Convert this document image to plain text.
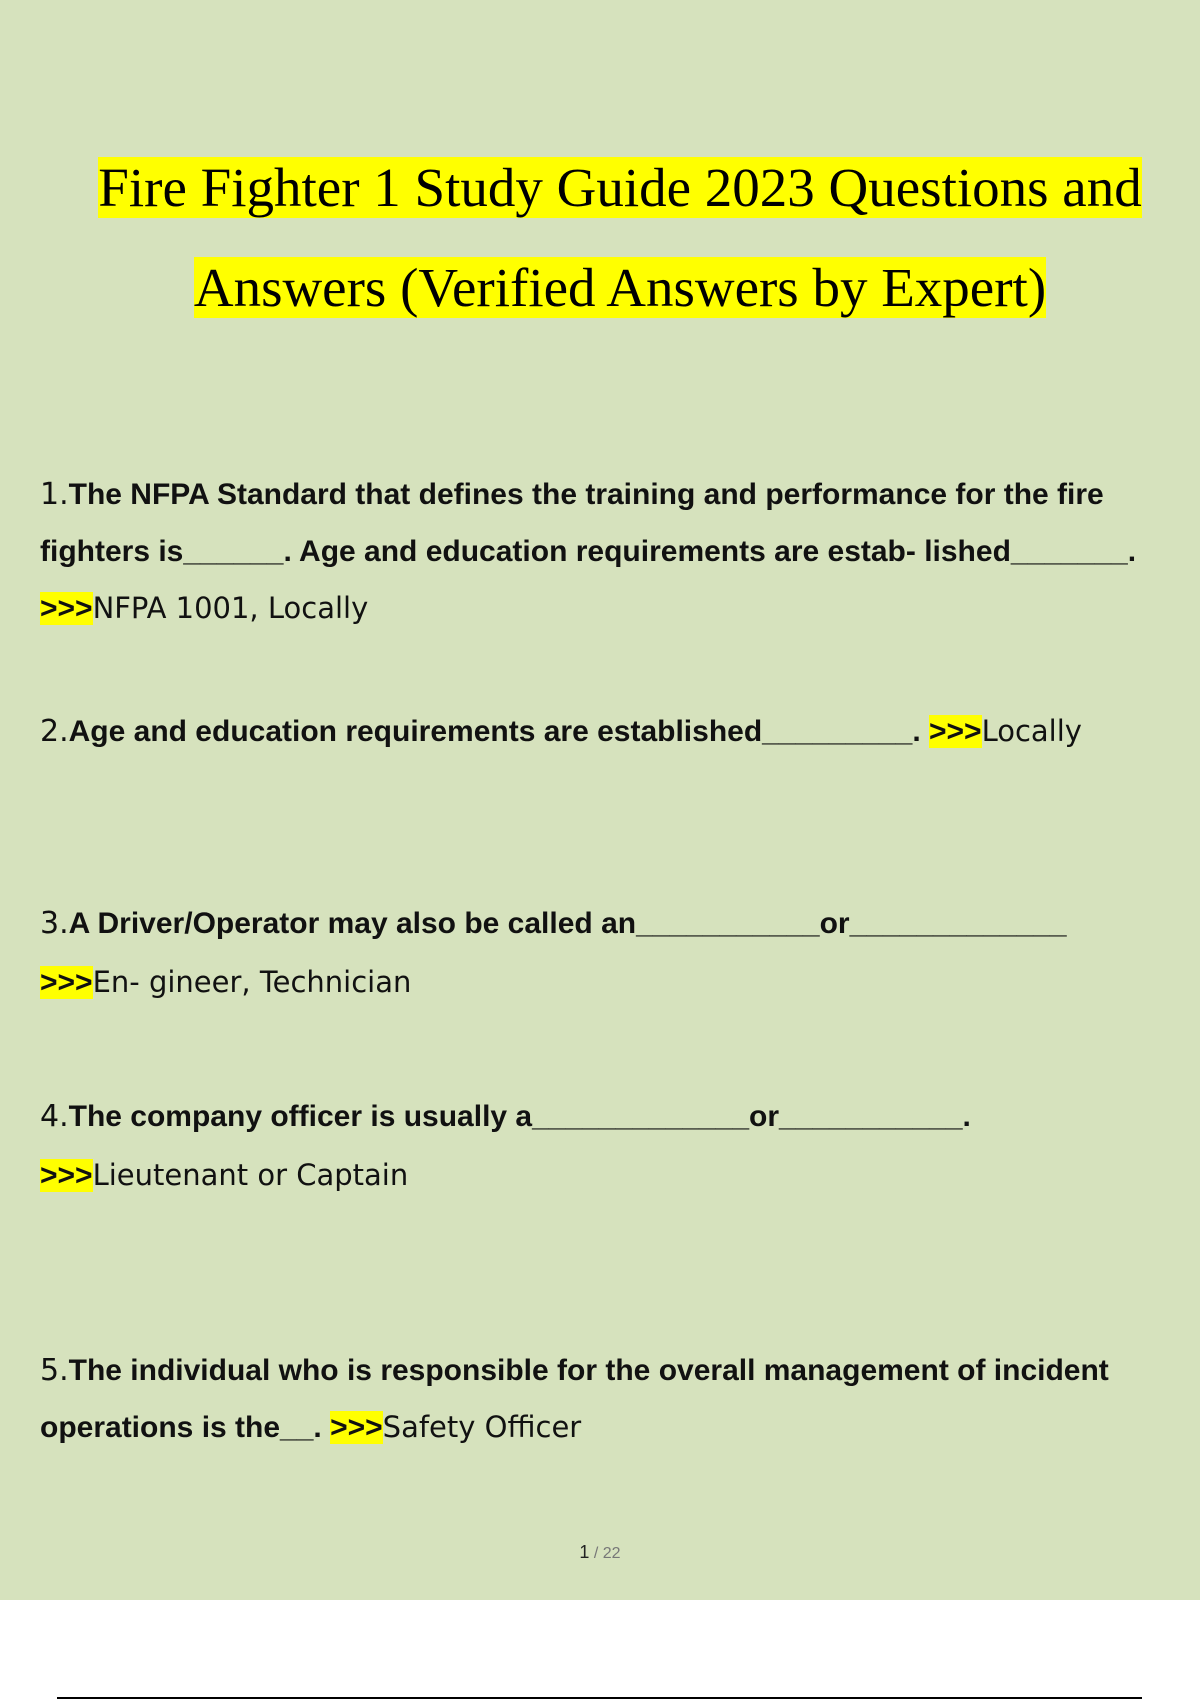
Fire Fighter 1 Study Guide 2023 Questions and
Answers (Verified Answers by Expert)

1.The NFPA Standard that defines the training and performance for the fire fighters is______. Age and education requirements are estab- lished_______. >>>NFPA 1001, Locally

2.Age and education requirements are established_________. >>>Locally

3.A Driver/Operator may also be called an___________or_____________
>>>En- gineer, Technician

4.The company officer is usually a_____________or___________.
>>>Lieutenant or Captain

5.The individual who is responsible for the overall management of incident operations is the__. >>>Safety Officer

1 / 22
